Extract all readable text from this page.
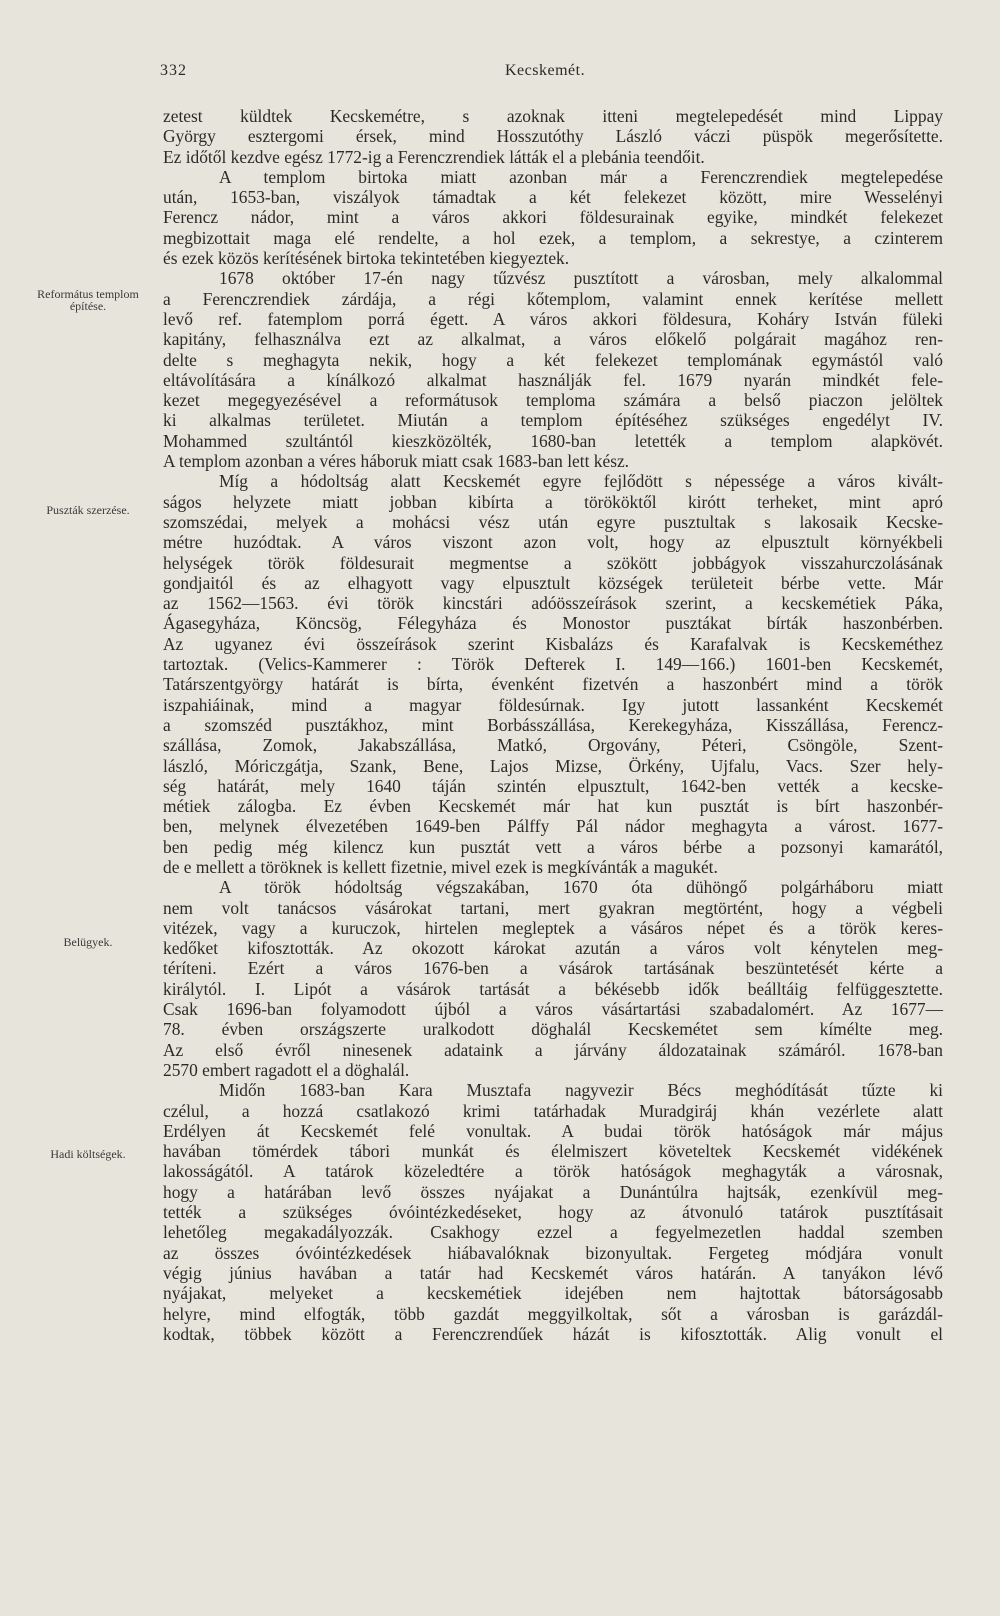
332	Kecskemét.
Református templom építése.
Puszták szerzése.
Belügyek.
Hadi költségek.
zetest küldtek Kecskemétre, s azoknak itteni megtelepedését mind Lippay
György esztergomi érsek, mind Hosszutóthy László váczi püspök megerősítette.
Ez időtől kezdve egész 1772-ig a Ferenczrendiek látták el a plebánia teendőit.
A templom birtoka miatt azonban már a Ferenczrendiek megtelepedése
után, 1653-ban, viszályok támadtak a két felekezet között, mire Wesselényi
Ferencz nádor, mint a város akkori földesurainak egyike, mindkét felekezet
megbizottait maga elé rendelte, a hol ezek, a templom, a sekrestye, a czinterem
és ezek közös kerítésének birtoka tekintetében kiegyeztek.
1678 október 17-én nagy tűzvész pusztított a városban, mely alkalommal
a Ferenczrendiek zárdája, a régi kőtemplom, valamint ennek kerítése mellett
levő ref. fatemplom porrá égett. A város akkori földesura, Koháry István füleki
kapitány, felhasználva ezt az alkalmat, a város előkelő polgárait magához ren-
delte s meghagyta nekik, hogy a két felekezet templomának egymástól való
eltávolítására a kínálkozó alkalmat használják fel. 1679 nyarán mindkét fele-
kezet megegyezésével a reformátusok temploma számára a belső piaczon jelöltek
ki alkalmas területet. Miután a templom építéséhez szükséges engedélyt IV.
Mohammed szultántól kieszközölték, 1680-ban letették a templom alapkövét.
A templom azonban a véres háboruk miatt csak 1683-ban lett kész.
Míg a hódoltság alatt Kecskemét egyre fejlődött s népessége a város kivált-
ságos helyzete miatt jobban kibírta a törököktől kirótt terheket, mint apró
szomszédai, melyek a mohácsi vész után egyre pusztultak s lakosaik Kecske-
métre huzódtak. A város viszont azon volt, hogy az elpusztult környékbeli
helységek török földesurait megmentse a szökött jobbágyok visszahurczolásának
gondjaitól és az elhagyott vagy elpusztult községek területeit bérbe vette. Már
az 1562—1563. évi török kincstári adóösszeírások szerint, a kecskemétiek Páka,
Ágasegyháza, Köncsög, Félegyháza és Monostor pusztákat bírták haszonbérben.
Az ugyanez évi összeírások szerint Kisbalázs és Karafalvak is Kecskeméthez
tartoztak. (Velics-Kammerer : Török Defterek I. 149—166.) 1601-ben Kecskemét,
Tatárszentgyörgy határát is bírta, évenként fizetvén a haszonbért mind a török
iszpahiáinak, mind a magyar földesúrnak. Igy jutott lassanként Kecskemét
a szomszéd pusztákhoz, mint Borbásszállása, Kerekegyháza, Kisszállása, Ferencz-
szállása, Zomok, Jakabszállása, Matkó, Orgovány, Péteri, Csöngöle, Szent-
lászló, Móriczgátja, Szank, Bene, Lajos Mizse, Örkény, Ujfalu, Vacs. Szer hely-
ség határát, mely 1640 táján szintén elpusztult, 1642-ben vették a kecske-
métiek zálogba. Ez évben Kecskemét már hat kun pusztát is bírt haszonbér-
ben, melynek élvezetében 1649-ben Pálffy Pál nádor meghagyta a várost. 1677-
ben pedig még kilencz kun pusztát vett a város bérbe a pozsonyi kamarától,
de e mellett a töröknek is kellett fizetnie, mivel ezek is megkívánták a magukét.
A török hódoltság végszakában, 1670 óta dühöngő polgárháboru miatt
nem volt tanácsos vásárokat tartani, mert gyakran megtörtént, hogy a végbeli
vitézek, vagy a kuruczok, hirtelen megleptek a vásáros népet és a török keres-
kedőket kifosztották. Az okozott károkat azután a város volt kénytelen meg-
téríteni. Ezért a város 1676-ben a vásárok tartásának beszüntetését kérte a
királytól. I. Lipót a vásárok tartását a békésebb idők beálltáig felfüggesztette.
Csak 1696-ban folyamodott újból a város vásártartási szabadalomért. Az 1677—
78. évben országszerte uralkodott döghalál Kecskemétet sem kímélte meg.
Az első évről ninesenek adataink a járvány áldozatainak számáról. 1678-ban
2570 embert ragadott el a döghalál.
Midőn 1683-ban Kara Musztafa nagyvezir Bécs meghódítását tűzte ki
czélul, a hozzá csatlakozó krimi tatárhadak Muradgiráj khán vezérlete alatt
Erdélyen át Kecskemét felé vonultak. A budai török hatóságok már május
havában tömérdek tábori munkát és élelmiszert követeltek Kecskemét vidékének
lakosságától. A tatárok közeledtére a török hatóságok meghagyták a városnak,
hogy a határában levő összes nyájakat a Dunántúlra hajtsák, ezenkívül meg-
tették a szükséges óvóintézkedéseket, hogy az átvonuló tatárok pusztításait
lehetőleg megakadályozzák. Csakhogy ezzel a fegyelmezetlen haddal szemben
az összes óvóintézkedések hiábavalóknak bizonyultak. Fergeteg módjára vonult
végig június havában a tatár had Kecskemét város határán. A tanyákon lévő
nyájakat, melyeket a kecskemétiek idejében nem hajtottak bátorságosabb
helyre, mind elfogták, több gazdát meggyilkoltak, sőt a városban is garázdál-
kodtak, többek között a Ferenczrendűek házát is kifosztották. Alig vonult el
